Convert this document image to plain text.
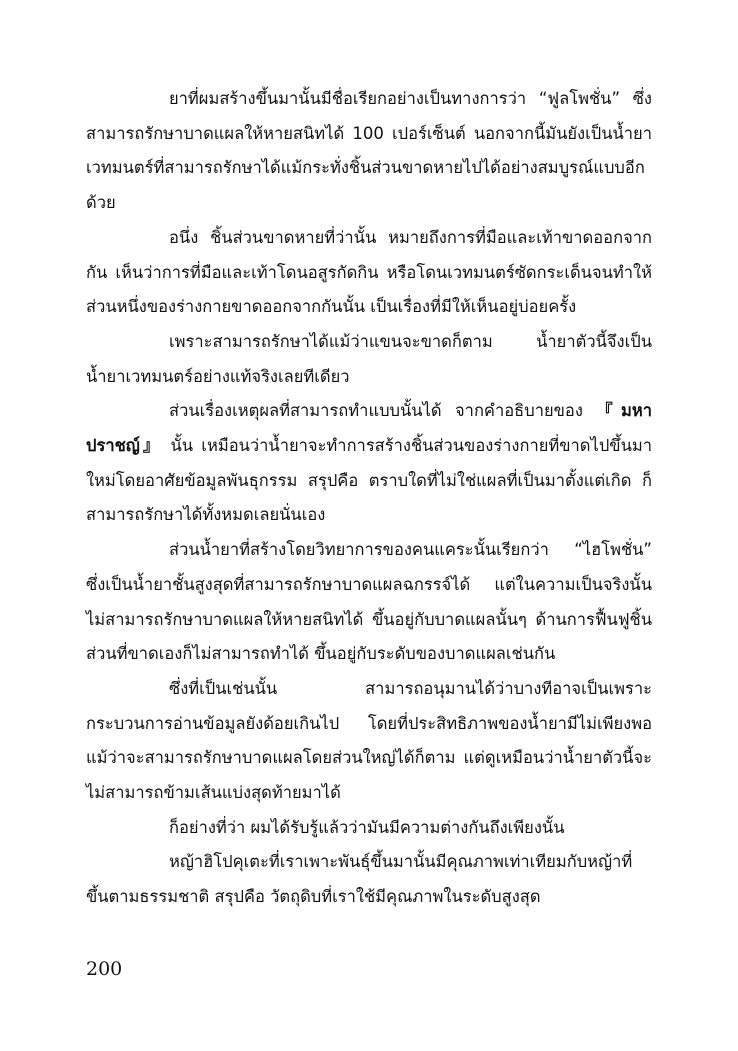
ยาที่ผมสร้างขึ้นมานั้นมีชื่อเรียกอย่างเป็นทางการว่า “ฟูลโพชั่น” ซึ่งสามารถรักษาบาดแผลให้หายสนิทได้ 100 เปอร์เซ็นต์ นอกจากนี้มันยังเป็นน้ำยาเวทมนตร์ที่สามารถรักษาได้แม้กระทั่งชิ้นส่วนขาดหายไปได้อย่างสมบูรณ์แบบอีกด้วย

อนึ่ง ชิ้นส่วนขาดหายที่ว่านั้น หมายถึงการที่มือและเท้าขาดออกจากกัน เห็นว่าการที่มือและเท้าโดนอสูรกัดกิน หรือโดนเวทมนตร์ซัดกระเด็นจนทำให้ส่วนหนึ่งของร่างกายขาดออกจากกันนั้น เป็นเรื่องที่มีให้เห็นอยู่บ่อยครั้ง

เพราะสามารถรักษาได้แม้ว่าแขนจะขาดก็ตาม น้ำยาตัวนี้จึงเป็นน้ำยาเวทมนตร์อย่างแท้จริงเลยทีเดียว

ส่วนเรื่องเหตุผลที่สามารถทำแบบนั้นได้ จากคำอธิบายของ 『มหาปราชญ์』 นั้น เหมือนว่าน้ำยาจะทำการสร้างชิ้นส่วนของร่างกายที่ขาดไปขึ้นมาใหม่โดยอาศัยข้อมูลพันธุกรรม สรุปคือ ตราบใดที่ไม่ใช่แผลที่เป็นมาตั้งแต่เกิด ก็สามารถรักษาได้ทั้งหมดเลยนั่นเอง

ส่วนน้ำยาที่สร้างโดยวิทยาการของคนแคระนั้นเรียกว่า “ไฮโพชั่น” ซึ่งเป็นน้ำยาชั้นสูงสุดที่สามารถรักษาบาดแผลฉกรรจ์ได้ แต่ในความเป็นจริงนั้นไม่สามารถรักษาบาดแผลให้หายสนิทได้ ขึ้นอยู่กับบาดแผลนั้นๆ ด้านการฟื้นฟูชิ้นส่วนที่ขาดเองก็ไม่สามารถทำได้ ขึ้นอยู่กับระดับของบาดแผลเช่นกัน

ซึ่งที่เป็นเช่นนั้น สามารถอนุมานได้ว่าบางทีอาจเป็นเพราะกระบวนการอ่านข้อมูลยังด้อยเกินไป โดยที่ประสิทธิภาพของน้ำยามีไม่เพียงพอ แม้ว่าจะสามารถรักษาบาดแผลโดยส่วนใหญ่ได้ก็ตาม แต่ดูเหมือนว่าน้ำยาตัวนี้จะไม่สามารถข้ามเส้นแบ่งสุดท้ายมาได้

ก็อย่างที่ว่า ผมได้รับรู้แล้วว่ามันมีความต่างกันถึงเพียงนั้น

หญ้าฮิโปคุเตะที่เราเพาะพันธุ์ขึ้นมานั้นมีคุณภาพเท่าเทียมกับหญ้าที่ขึ้นตามธรรมชาติ สรุปคือ วัตถุดิบที่เราใช้มีคุณภาพในระดับสูงสุด

200
